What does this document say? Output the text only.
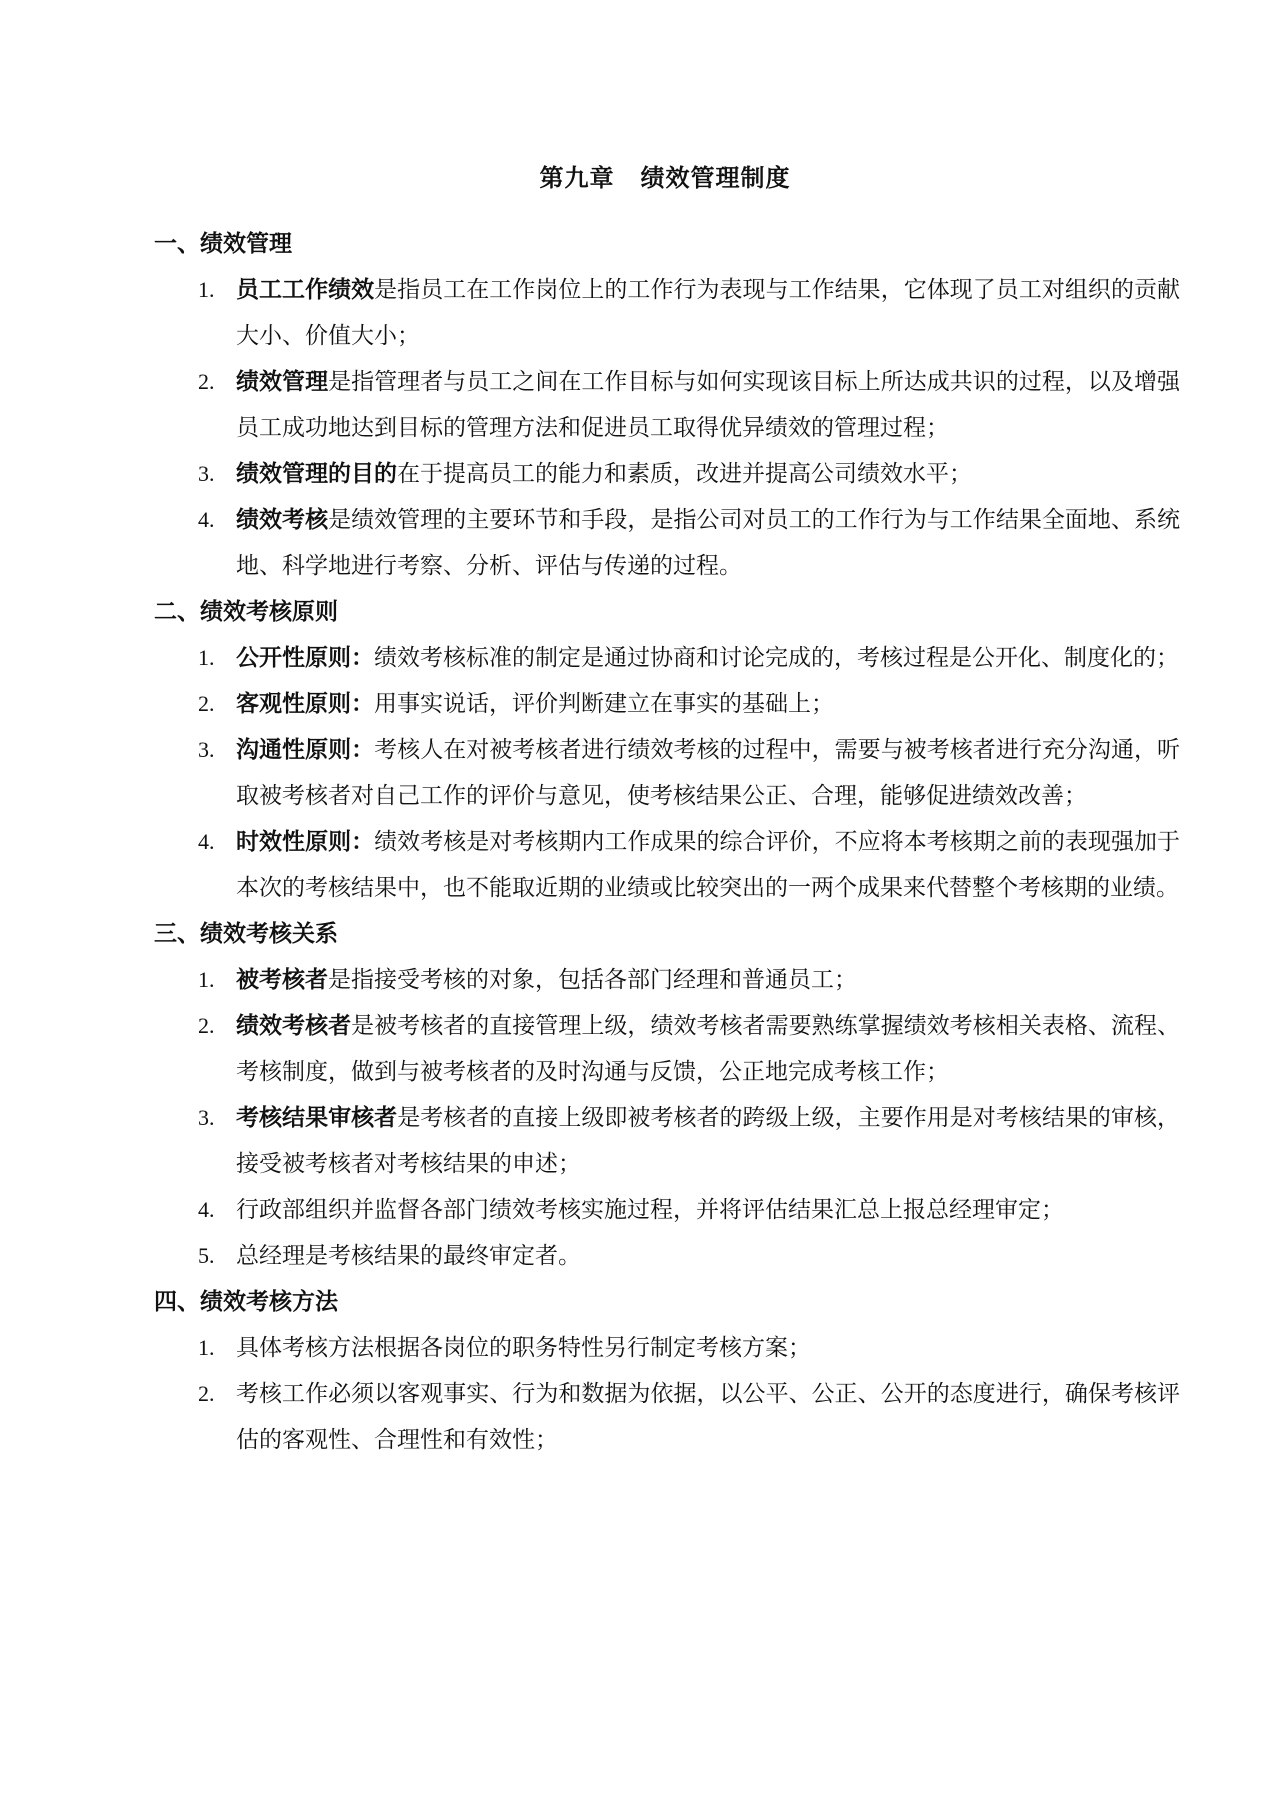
第九章 绩效管理制度
一、绩效管理
1. 员工工作绩效是指员工在工作岗位上的工作行为表现与工作结果，它体现了员工对组织的贡献大小、价值大小；
2. 绩效管理是指管理者与员工之间在工作目标与如何实现该目标上所达成共识的过程，以及增强员工成功地达到目标的管理方法和促进员工取得优异绩效的管理过程；
3. 绩效管理的目的在于提高员工的能力和素质，改进并提高公司绩效水平；
4. 绩效考核是绩效管理的主要环节和手段，是指公司对员工的工作行为与工作结果全面地、系统地、科学地进行考察、分析、评估与传递的过程。
二、绩效考核原则
1. 公开性原则：绩效考核标准的制定是通过协商和讨论完成的，考核过程是公开化、制度化的；
2. 客观性原则：用事实说话，评价判断建立在事实的基础上；
3. 沟通性原则：考核人在对被考核者进行绩效考核的过程中，需要与被考核者进行充分沟通，听取被考核者对自己工作的评价与意见，使考核结果公正、合理，能够促进绩效改善；
4. 时效性原则：绩效考核是对考核期内工作成果的综合评价，不应将本考核期之前的表现强加于本次的考核结果中，也不能取近期的业绩或比较突出的一两个成果来代替整个考核期的业绩。
三、绩效考核关系
1. 被考核者是指接受考核的对象，包括各部门经理和普通员工；
2. 绩效考核者是被考核者的直接管理上级，绩效考核者需要熟练掌握绩效考核相关表格、流程、考核制度，做到与被考核者的及时沟通与反馈，公正地完成考核工作；
3. 考核结果审核者是考核者的直接上级即被考核者的跨级上级，主要作用是对考核结果的审核，接受被考核者对考核结果的申述；
4. 行政部组织并监督各部门绩效考核实施过程，并将评估结果汇总上报总经理审定；
5. 总经理是考核结果的最终审定者。
四、绩效考核方法
1. 具体考核方法根据各岗位的职务特性另行制定考核方案；
2. 考核工作必须以客观事实、行为和数据为依据，以公平、公正、公开的态度进行，确保考核评估的客观性、合理性和有效性；
